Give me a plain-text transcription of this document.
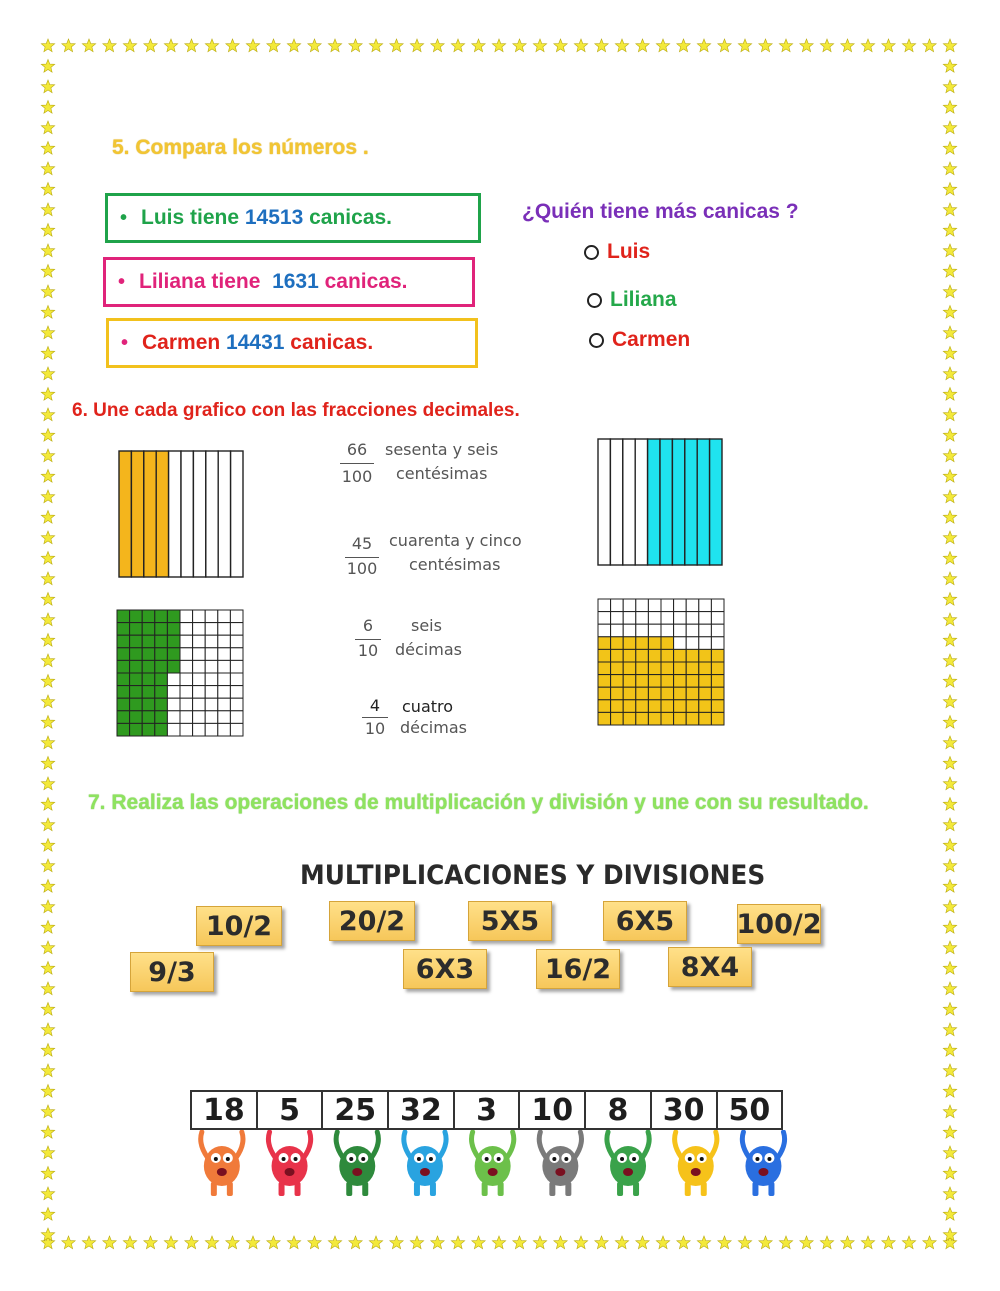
5. Compara los números .
• Luis tiene 14513 canicas.
• Liliana tiene 1631 canicas.
• Carmen 14431 canicas.
¿Quién tiene más canicas ?
Luis
Liliana
Carmen
6. Une cada grafico con las fracciones decimales.
66
100
sesenta y seis
centésimas
45
100
cuarenta y cinco
centésimas
6
10
seis
décimas
4
10
cuatro
décimas
7. Realiza las operaciones de multiplicación y división y une con su resultado.
MULTIPLICACIONES Y DIVISIONES
10/2	20/2	5X5	6X5	100/2
9/3	6X3	16/2	8X4
18	5	25 32	3	10	8	30 50
